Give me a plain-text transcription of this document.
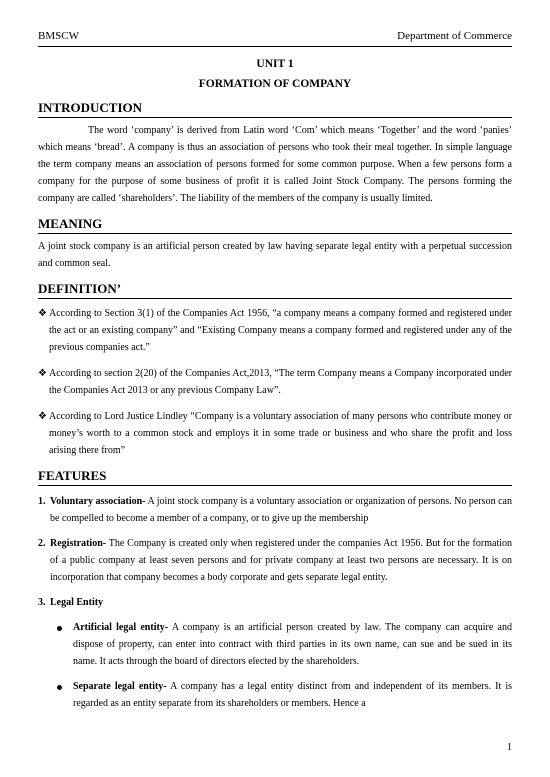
BMSCW	Department of Commerce
UNIT 1
FORMATION OF COMPANY
INTRODUCTION

The word ‘company’ is derived from Latin word ‘Com’ which means ‘Together’ and the word ‘panies’ which means ‘bread’. A company is thus an association of persons who took their meal together. In simple language the term company means an association of persons formed for some common purpose. When a few persons form a company for the purpose of some business of profit it is called Joint Stock Company. The persons forming the company are called ‘shareholders’. The liability of the members of the company is usually limited.

MEANING

A joint stock company is an artificial person created by law having separate legal entity with a perpetual succession and common seal.

DEFINITION’
❖ According to Section 3(1) of the Companies Act 1956, “a company means a company formed and registered under the act or an existing company” and “Existing Company means a company formed and registered under any of the previous companies act.”
❖ According to section 2(20) of the Companies Act,2013, “The term Company means a Company incorporated under the Companies Act 2013 or any previous Company Law”.
❖ According to Lord Justice Lindley “Company is a voluntary association of many persons who contribute money or money’s worth to a common stock and employs it in some trade or business and who share the profit and loss arising there from”
FEATURES
1. Voluntary association- A joint stock company is a voluntary association or organization of persons. No person can be compelled to become a member of a company, or to give up the membership
2. Registration- The Company is created only when registered under the companies Act 1956. But for the formation of a public company at least seven persons and for private company at least two persons are necessary. It is on incorporation that company becomes a body corporate and gets separate legal entity.
3. Legal Entity
Artificial legal entity- A company is an artificial person created by law. The company can acquire and dispose of property, can enter into contract with third parties in its own name, can sue and be sued in its name. It acts through the board of directors elected by the shareholders.
Separate legal entity- A company has a legal entity distinct from and independent of its members. It is regarded as an entity separate from its shareholders or members. Hence a
1
